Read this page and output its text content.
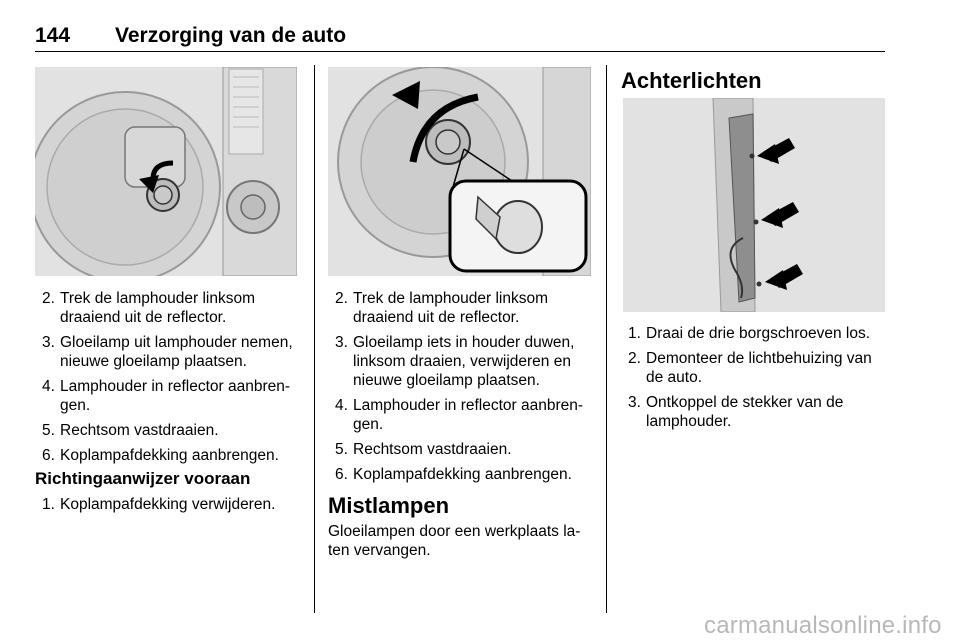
144 Verzorging van de auto
2. Trek de lamphouder linksom draaiend uit de reflector.
3. Gloeilamp uit lamphouder nemen, nieuwe gloeilamp plaatsen.
4. Lamphouder in reflector aanbren-gen.
5. Rechtsom vastdraaien.
6. Koplampafdekking aanbrengen.
Richtingaanwijzer vooraan
1. Koplampafdekking verwijderen.
2. Trek de lamphouder linksom draaiend uit de reflector.
3. Gloeilamp iets in houder duwen, linksom draaien, verwijderen en nieuwe gloeilamp plaatsen.
4. Lamphouder in reflector aanbren-gen.
5. Rechtsom vastdraaien.
6. Koplampafdekking aanbrengen.
Mistlampen
Gloeilampen door een werkplaats la-ten vervangen.
Achterlichten
1. Draai de drie borgschroeven los.
2. Demonteer de lichtbehuizing van de auto.
3. Ontkoppel de stekker van de lamphouder.
carmanualsonline.info
